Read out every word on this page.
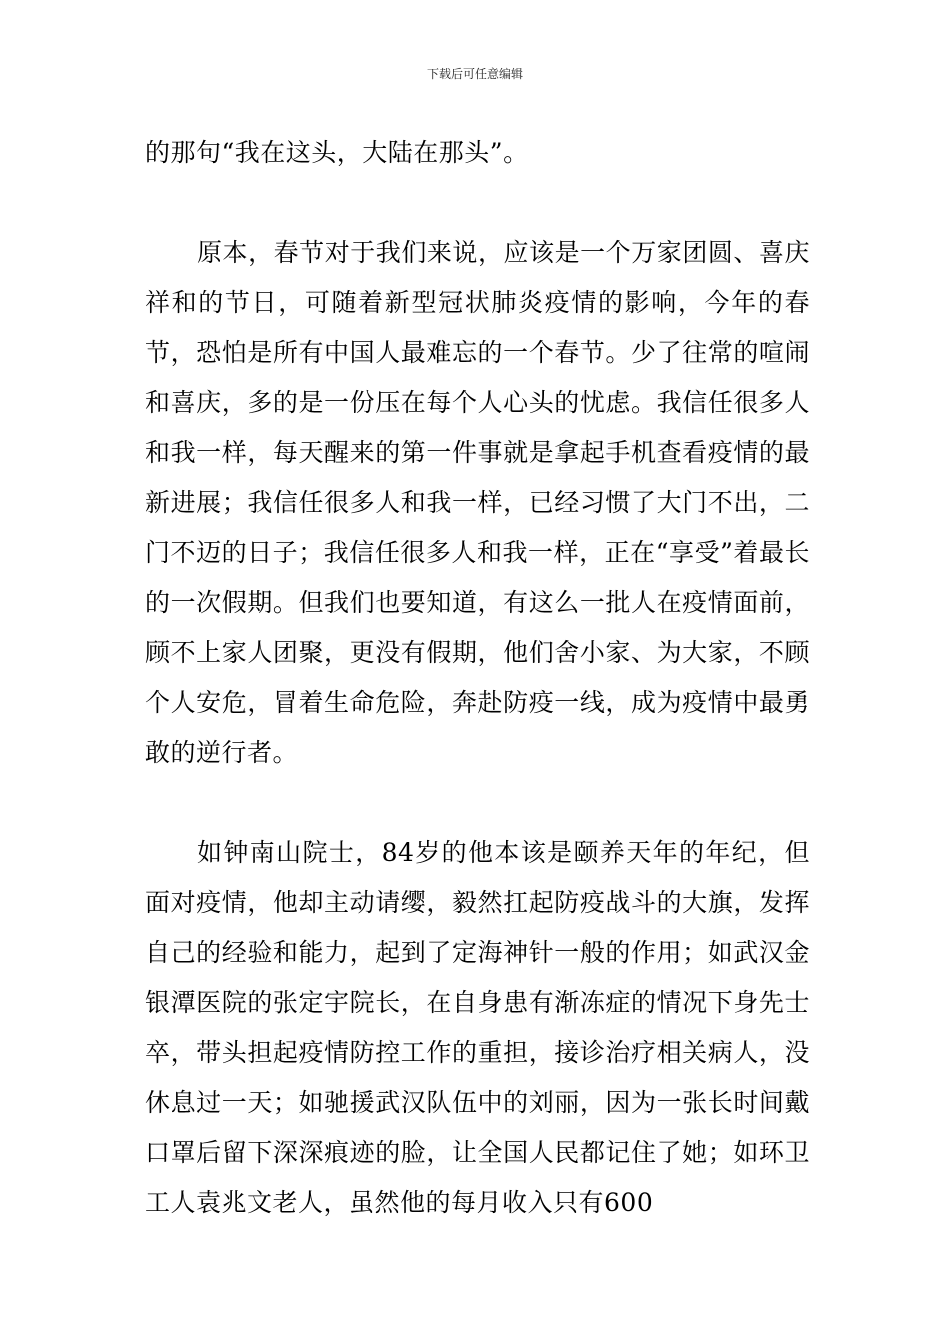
下载后可任意编辑

的那句“我在这头，大陆在那头”。

原本，春节对于我们来说，应该是一个万家团圆、喜庆祥和的节日，可随着新型冠状肺炎疫情的影响，今年的春节，恐怕是所有中国人最难忘的一个春节。少了往常的喧闹和喜庆，多的是一份压在每个人心头的忧虑。我信任很多人和我一样，每天醒来的第一件事就是拿起手机查看疫情的最新进展；我信任很多人和我一样，已经习惯了大门不出，二门不迈的日子；我信任很多人和我一样，正在“享受”着最长的一次假期。但我们也要知道，有这么一批人在疫情面前，顾不上家人团聚，更没有假期，他们舍小家、为大家，不顾个人安危，冒着生命危险，奔赴防疫一线，成为疫情中最勇敢的逆行者。

如钟南山院士，84岁的他本该是颐养天年的年纪，但面对疫情，他却主动请缨，毅然扛起防疫战斗的大旗，发挥自己的经验和能力，起到了定海神针一般的作用；如武汉金银潭医院的张定宇院长，在自身患有渐冻症的情况下身先士卒，带头担起疫情防控工作的重担，接诊治疗相关病人，没休息过一天；如驰援武汉队伍中的刘丽，因为一张长时间戴口罩后留下深深痕迹的脸，让全国人民都记住了她；如环卫工人袁兆文老人，虽然他的每月收入只有600
